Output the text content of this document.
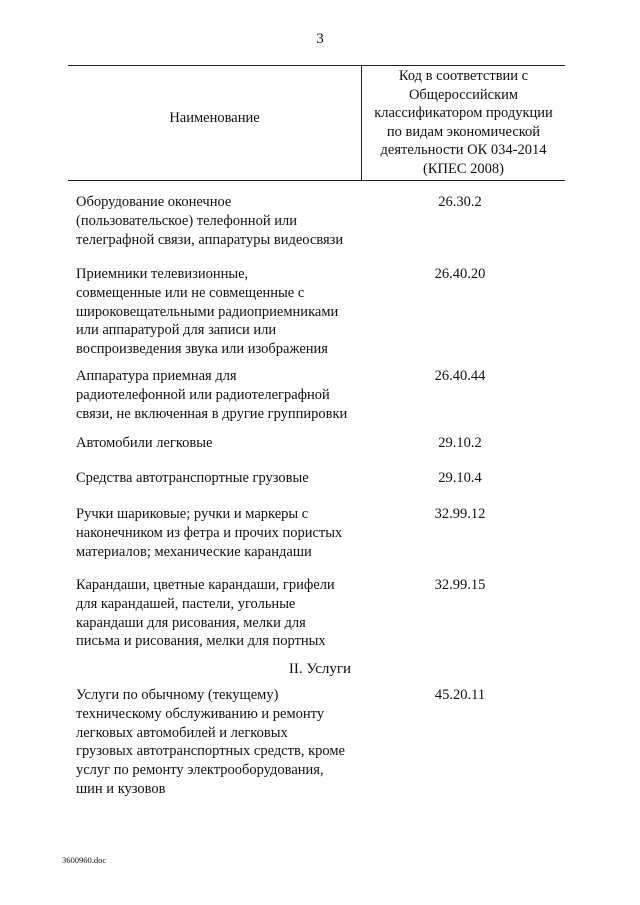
3
Наименование
Код в соответствии с
Общероссийским
классификатором продукции
по видам экономической
деятельности ОК 034-2014
(КПЕС 2008)
Оборудование оконечное
(пользовательское) телефонной или
телеграфной связи, аппаратуры видеосвязи
26.30.2
Приемники телевизионные,
совмещенные или не совмещенные с
широковещательными радиоприемниками
или аппаратурой для записи или
воспроизведения звука или изображения
26.40.20
Аппаратура приемная для
радиотелефонной или радиотелеграфной
связи, не включенная в другие группировки
26.40.44
Автомобили легковые	29.10.2
Средства автотранспортные грузовые	29.10.4
Ручки шариковые; ручки и маркеры с
наконечником из фетра и прочих пористых
материалов; механические карандаши
32.99.12
Карандаши, цветные карандаши, грифели
для карандашей, пастели, угольные
карандаши для рисования, мелки для
письма и рисования, мелки для портных
32.99.15
II. Услуги
Услуги по обычному (текущему)
техническому обслуживанию и ремонту
легковых автомобилей и легковых
грузовых автотранспортных средств, кроме
услуг по ремонту электрооборудования,
шин и кузовов
45.20.11
3600960.doc
